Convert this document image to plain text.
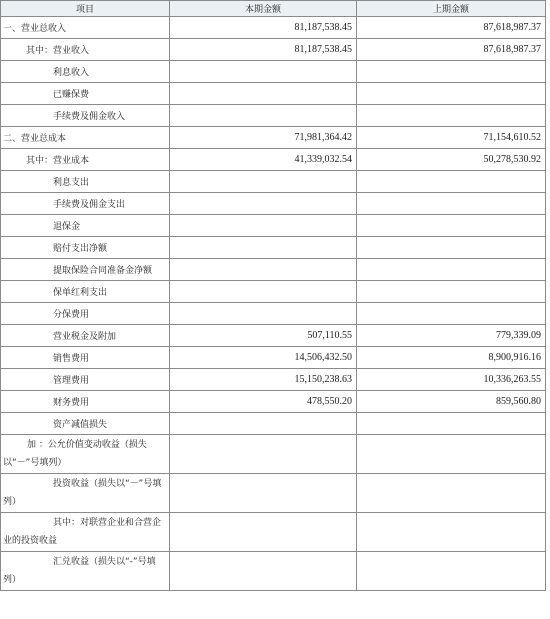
项目	本期金额	上期金额
一、营业总收入	81,187,538.45	87,618,987.37
其中：营业收入	81,187,538.45	87,618,987.37
利息收入		
已赚保费		
手续费及佣金收入		
二、营业总成本	71,981,364.42	71,154,610.52
其中：营业成本	41,339,032.54	50,278,530.92
利息支出		
手续费及佣金支出		
退保金		
赔付支出净额		
提取保险合同准备金净额		
保单红利支出		
分保费用		
营业税金及附加	507,110.55	779,339.09
销售费用	14,506,432.50	8,900,916.16
管理费用	15,150,238.63	10,336,263.55
财务费用	478,550.20	859,560.80
资产减值损失		
加 ：公允价值变动收益（损失以“－”号填列）		
投资收益（损失以“－”号填列）		
其中：对联营企业和合营企业的投资收益		
汇兑收益（损失以“-”号填列）		
